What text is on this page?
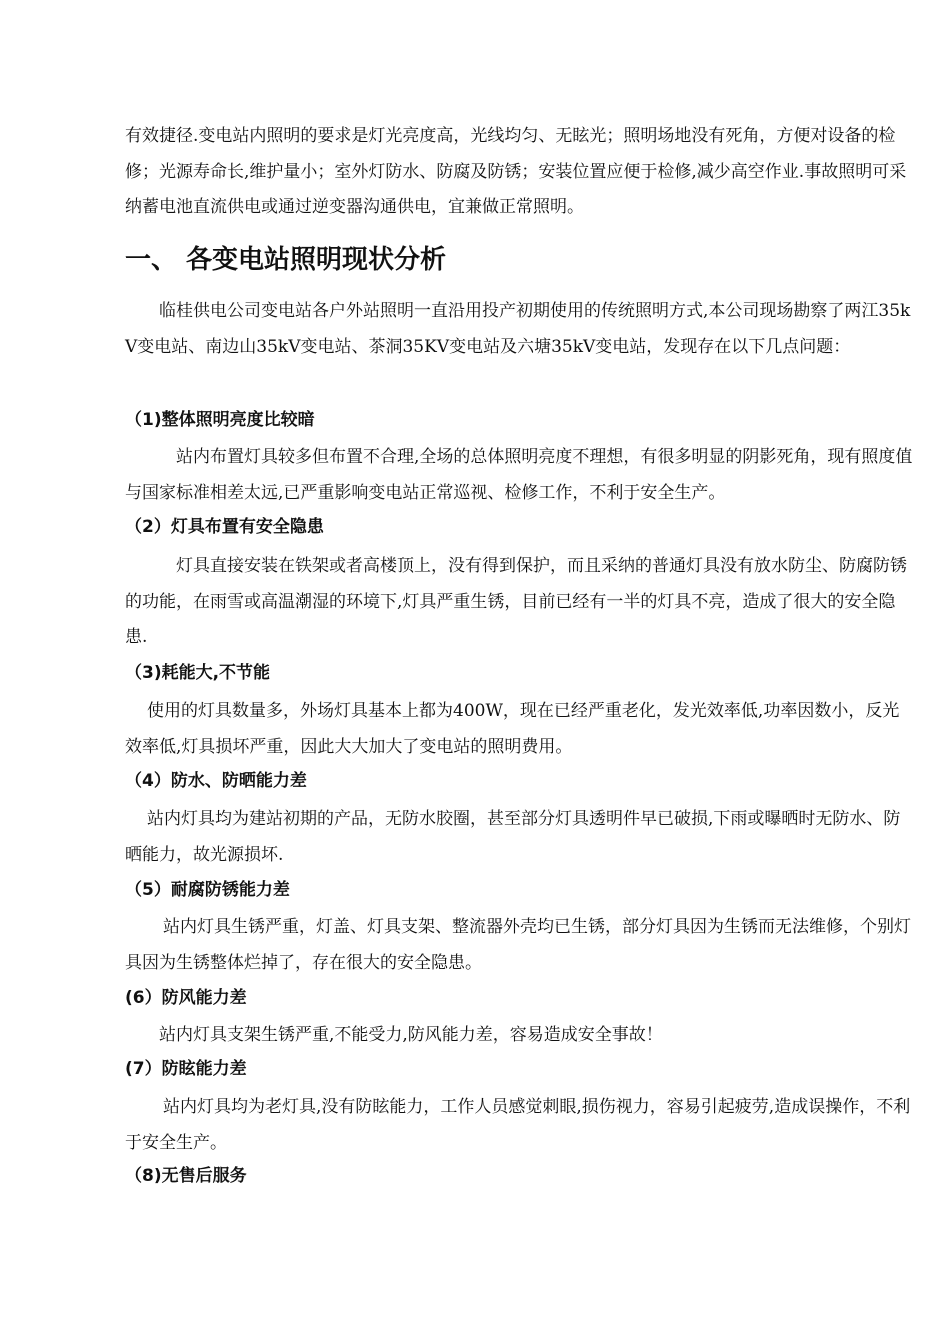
有效捷径.变电站内照明的要求是灯光亮度高，光线均匀、无眩光；照明场地没有死角，方便对设备的检修；光源寿命长,维护量小；室外灯防水、防腐及防锈；安装位置应便于检修,减少高空作业.事故照明可采纳蓄电池直流供电或通过逆变器沟通供电，宜兼做正常照明。

一、 各变电站照明现状分析

临桂供电公司变电站各户外站照明一直沿用投产初期使用的传统照明方式,本公司现场勘察了两江35kV变电站、南边山35kV变电站、茶洞35KV变电站及六塘35kV变电站，发现存在以下几点问题：

（1)整体照明亮度比较暗

站内布置灯具较多但布置不合理,全场的总体照明亮度不理想，有很多明显的阴影死角，现有照度值与国家标准相差太远,已严重影响变电站正常巡视、检修工作，不利于安全生产。

（2）灯具布置有安全隐患

灯具直接安装在铁架或者高楼顶上，没有得到保护，而且采纳的普通灯具没有放水防尘、防腐防锈的功能，在雨雪或高温潮湿的环境下,灯具严重生锈，目前已经有一半的灯具不亮，造成了很大的安全隐患.

（3)耗能大,不节能

使用的灯具数量多，外场灯具基本上都为400W，现在已经严重老化，发光效率低,功率因数小，反光效率低,灯具损坏严重，因此大大加大了变电站的照明费用。

（4）防水、防晒能力差

站内灯具均为建站初期的产品，无防水胶圈，甚至部分灯具透明件早已破损,下雨或曝晒时无防水、防晒能力，故光源损坏.

（5）耐腐防锈能力差

站内灯具生锈严重，灯盖、灯具支架、整流器外壳均已生锈，部分灯具因为生锈而无法维修，个别灯具因为生锈整体烂掉了，存在很大的安全隐患。

(6）防风能力差

站内灯具支架生锈严重,不能受力,防风能力差，容易造成安全事故！

(7）防眩能力差

站内灯具均为老灯具,没有防眩能力，工作人员感觉刺眼,损伤视力，容易引起疲劳,造成误操作，不利于安全生产。

（8)无售后服务
